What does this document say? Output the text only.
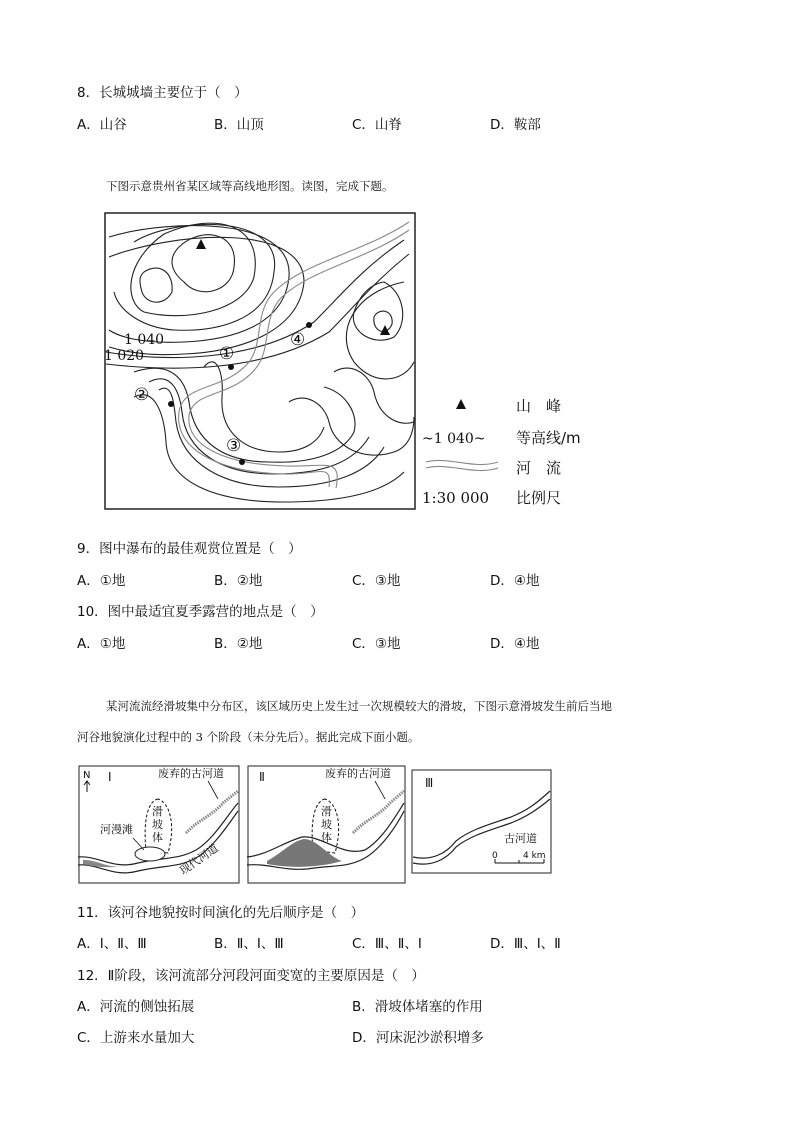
8．长城城墙主要位于（　）
A．山谷	B．山顶	C．山脊	D．鞍部
下图示意贵州省某区域等高线地形图。读图，完成下题。
①
②
③
④
1 040
1 020
山　峰
~1 040~ 等高线/m
河　流
1:30 000 比例尺
9．图中瀑布的最佳观赏位置是（　）
A．①地	B．②地	C．③地	D．④地
10．图中最适宜夏季露营的地点是（　）
A．①地	B．②地	C．③地	D．④地
某河流流经滑坡集中分布区，该区域历史上发生过一次规模较大的滑坡，下图示意滑坡发生前后当地
河谷地貌演化过程中的 3 个阶段（未分先后）。据此完成下面小题。
N Ⅰ	废弃的古河道
滑
坡
体
河漫滩
现代河道
Ⅱ	废弃的古河道
滑
坡
体
Ⅲ
古河道
0	4 km
11．该河谷地貌按时间演化的先后顺序是（　）
A．Ⅰ、Ⅱ、Ⅲ	B．Ⅱ、Ⅰ、Ⅲ	C．Ⅲ、Ⅱ、Ⅰ	D．Ⅲ、Ⅰ、Ⅱ
12．Ⅱ阶段，该河流部分河段河面变宽的主要原因是（　）
A．河流的侧蚀拓展	B．滑坡体堵塞的作用
C．上游来水量加大	D．河床泥沙淤积增多
